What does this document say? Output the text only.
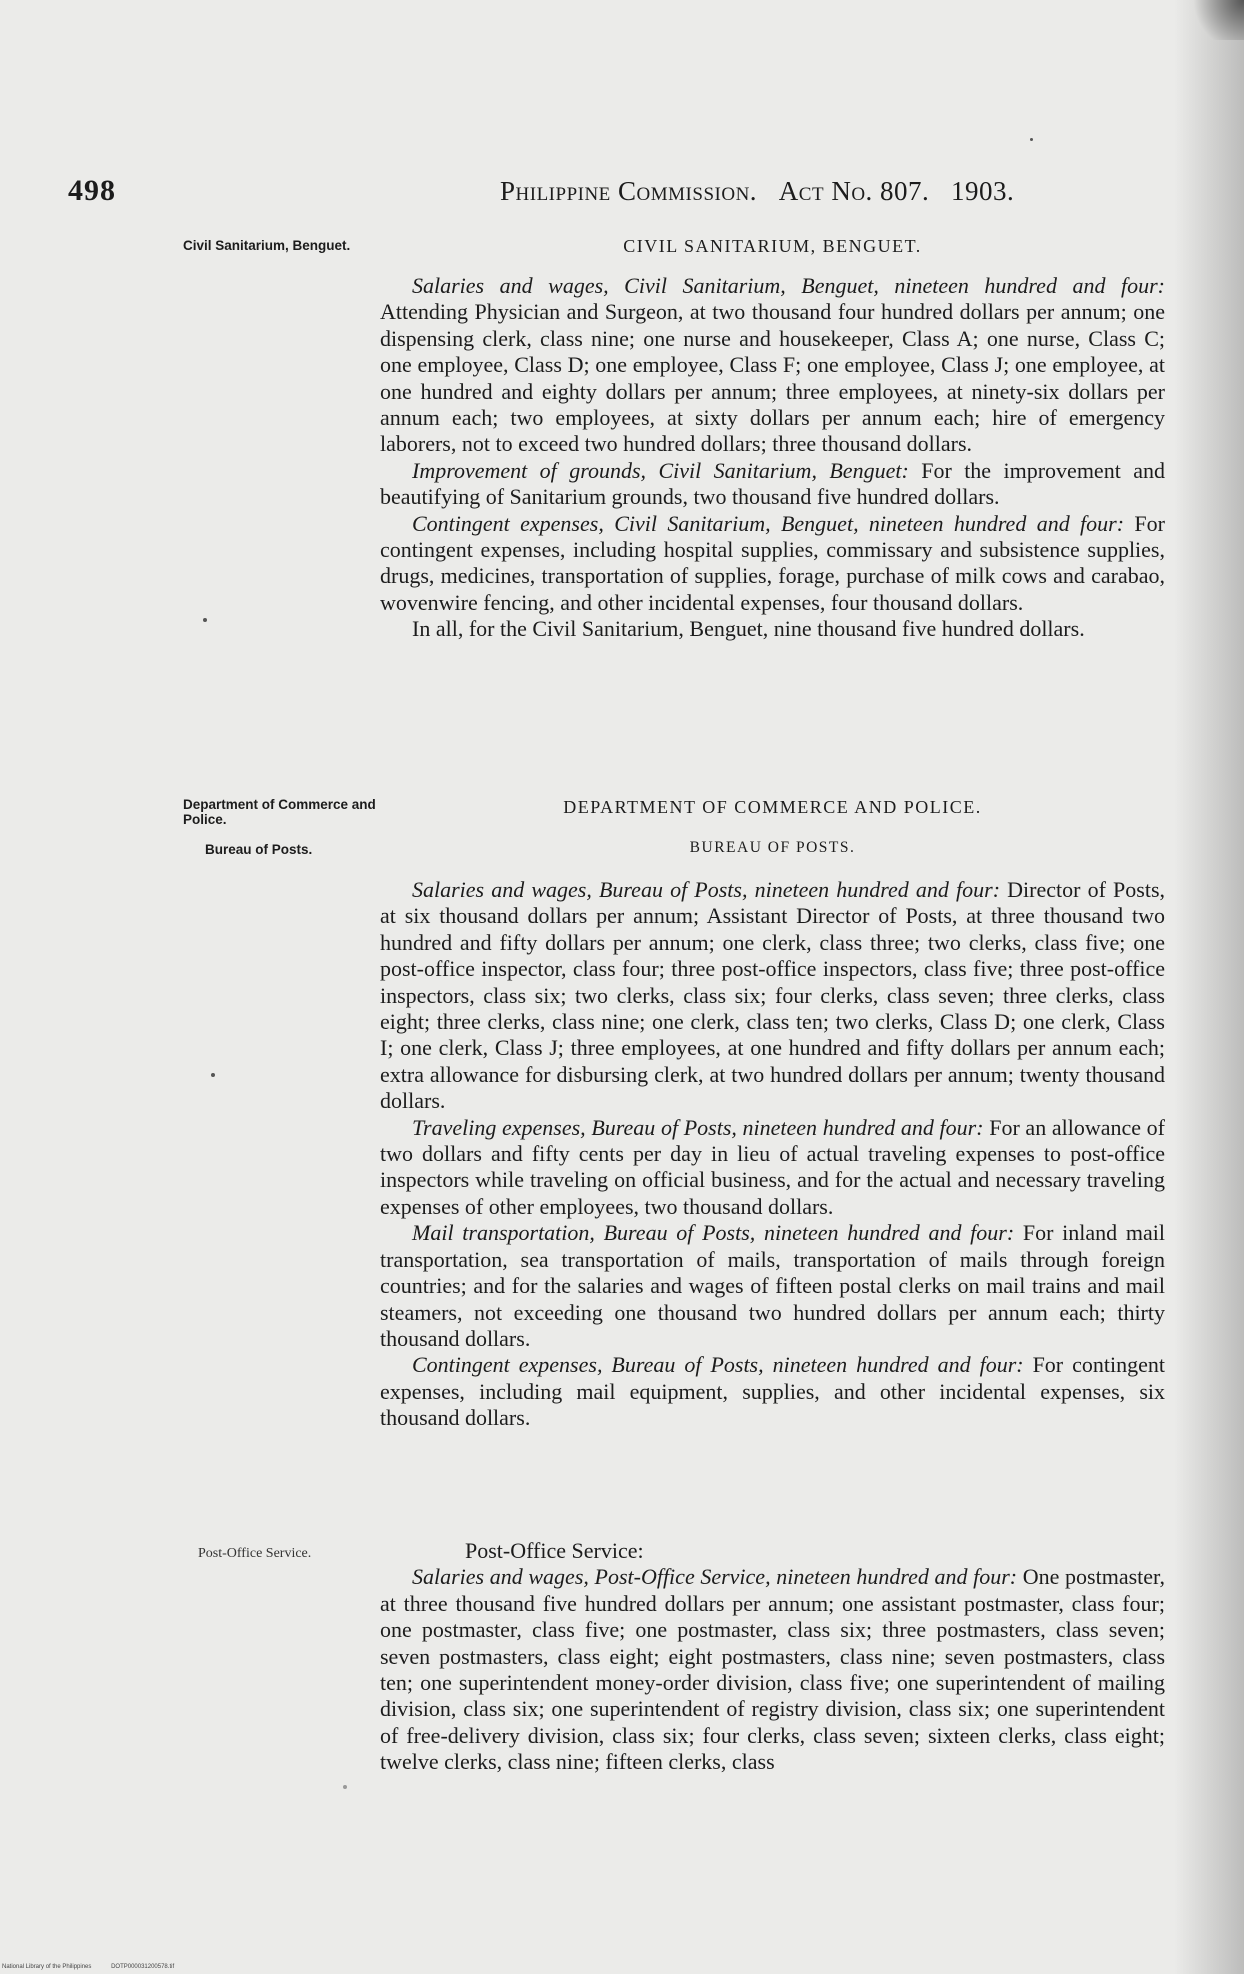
498	Philippine Commission. Act No. 807.   1903.
Civil Sanitarium, Benguet.
Department of Commerce and Police.
Bureau of Posts.
Post-Office Service.
CIVIL SANITARIUM, BENGUET.
DEPARTMENT OF COMMERCE AND POLICE.
BUREAU OF POSTS.

Salaries and wages, Civil Sanitarium, Benguet, nineteen hundred and four: Attending Physician and Surgeon, at two thousand four hundred dollars per annum; one dispensing clerk, class nine; one nurse and housekeeper, Class A; one nurse, Class C; one employee, Class D; one employee, Class F; one employee, Class J; one employee, at one hundred and eighty dollars per annum; three employees, at ninety-six dollars per annum each; two employees, at sixty dollars per annum each; hire of emergency laborers, not to exceed two hundred dollars; three thousand dollars.

Improvement of grounds, Civil Sanitarium, Benguet: For the improvement and beautifying of Sanitarium grounds, two thousand five hundred dollars.

Contingent expenses, Civil Sanitarium, Benguet, nineteen hundred and four: For contingent expenses, including hospital supplies, commissary and subsistence supplies, drugs, medicines, transportation of supplies, forage, purchase of milk cows and carabao, wovenwire fencing, and other incidental expenses, four thousand dollars.

In all, for the Civil Sanitarium, Benguet, nine thousand five hundred dollars.

Salaries and wages, Bureau of Posts, nineteen hundred and four: Director of Posts, at six thousand dollars per annum; Assistant Director of Posts, at three thousand two hundred and fifty dollars per annum; one clerk, class three; two clerks, class five; one post-office inspector, class four; three post-office inspectors, class five; three post-office inspectors, class six; two clerks, class six; four clerks, class seven; three clerks, class eight; three clerks, class nine; one clerk, class ten; two clerks, Class D; one clerk, Class I; one clerk, Class J; three employees, at one hundred and fifty dollars per annum each; extra allowance for disbursing clerk, at two hundred dollars per annum; twenty thousand dollars.

Traveling expenses, Bureau of Posts, nineteen hundred and four: For an allowance of two dollars and fifty cents per day in lieu of actual traveling expenses to post-office inspectors while traveling on official business, and for the actual and necessary traveling expenses of other employees, two thousand dollars.

Mail transportation, Bureau of Posts, nineteen hundred and four: For inland mail transportation, sea transportation of mails, transportation of mails through foreign countries; and for the salaries and wages of fifteen postal clerks on mail trains and mail steamers, not exceeding one thousand two hundred dollars per annum each; thirty thousand dollars.

Contingent expenses, Bureau of Posts, nineteen hundred and four: For contingent expenses, including mail equipment, supplies, and other incidental expenses, six thousand dollars.

Post-Office Service:

Salaries and wages, Post-Office Service, nineteen hundred and four: One postmaster, at three thousand five hundred dollars per annum; one assistant postmaster, class four; one postmaster, class five; one postmaster, class six; three postmasters, class seven; seven postmasters, class eight; eight postmasters, class nine; seven postmasters, class ten; one superintendent money-order division, class five; one superintendent of mailing division, class six; one superintendent of registry division, class six; one superintendent of free-delivery division, class six; four clerks, class seven; sixteen clerks, class eight; twelve clerks, class nine; fifteen clerks, class

National Library of the Philippines	DOTP000031200578.tif
